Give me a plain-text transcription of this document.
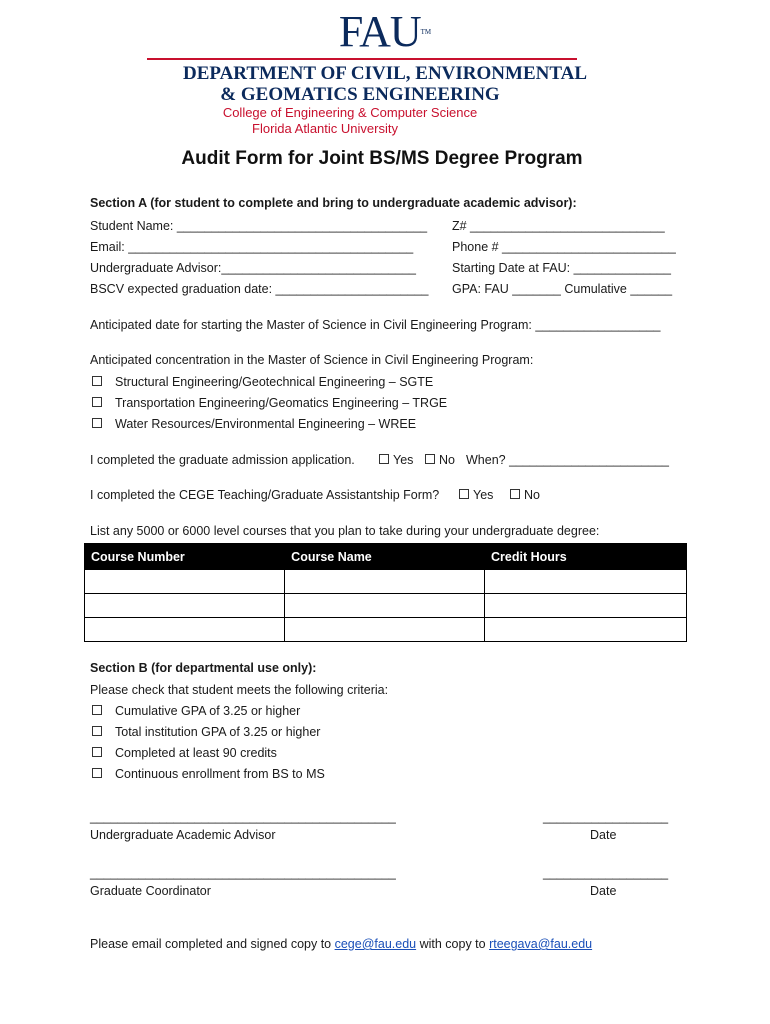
FAUTM
DEPARTMENT OF CIVIL, ENVIRONMENTAL
& GEOMATICS ENGINEERING
College of Engineering & Computer Science
Florida Atlantic University
Audit Form for Joint BS/MS Degree Program
Section A (for student to complete and bring to undergraduate academic advisor):
Student Name: ____________________________________ Z# ____________________________
Email: _________________________________________	Phone # _________________________
Undergraduate Advisor:____________________________	Starting Date at FAU: ______________
BSCV expected graduation date: ______________________ GPA: FAU _______ Cumulative ______
Anticipated date for starting the Master of Science in Civil Engineering Program: __________________
Anticipated concentration in the Master of Science in Civil Engineering Program:
Structural Engineering/Geotechnical Engineering – SGTE
Transportation Engineering/Geomatics Engineering – TRGE
Water Resources/Environmental Engineering – WREE
I completed the graduate admission application.	Yes	No When? _______________________
I completed the CEGE Teaching/Graduate Assistantship Form?	Yes	No
List any 5000 or 6000 level courses that you plan to take during your undergraduate degree:
Course Number	Course Name	Credit Hours

Section B (for departmental use only):
Please check that student meets the following criteria:
Cumulative GPA of 3.25 or higher
Total institution GPA of 3.25 or higher
Completed at least 90 credits
Continuous enrollment from BS to MS
____________________________________________	__________________
Undergraduate Academic Advisor	Date
____________________________________________	__________________
Graduate Coordinator	Date
Please email completed and signed copy to cege@fau.edu with copy to rteegava@fau.edu
